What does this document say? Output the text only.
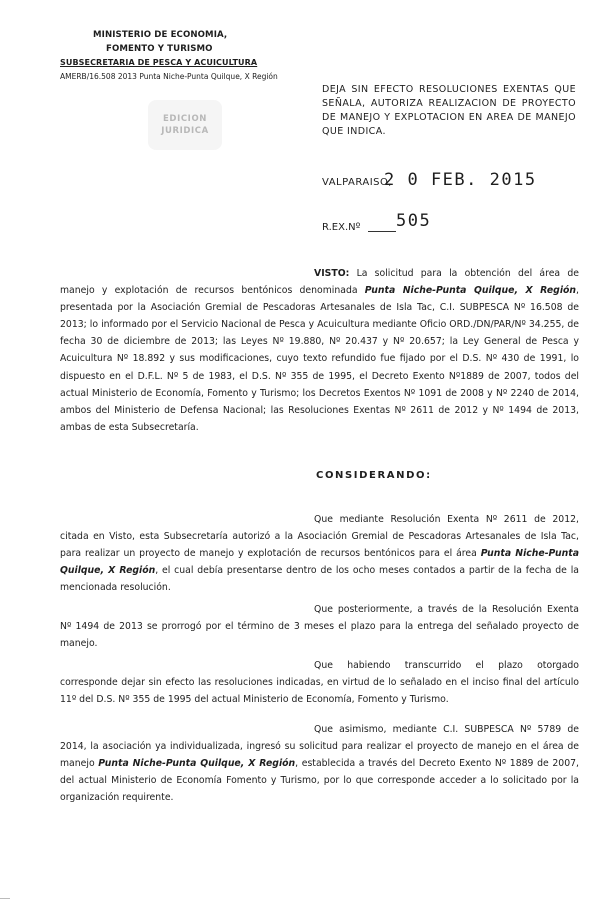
MINISTERIO DE ECONOMIA,
FOMENTO Y TURISMO
SUBSECRETARIA DE PESCA Y ACUICULTURA
AMERB/16.508 2013 Punta Niche-Punta Quilque, X Región
EDICION
JURIDICA
DEJA SIN EFECTO RESOLUCIONES EXENTAS QUE SEÑALA, AUTORIZA REALIZACION DE PROYECTO DE MANEJO Y EXPLOTACION EN AREA DE MANEJO QUE INDICA.
VALPARAISO,
2 0 FEB. 2015
R.EX.Nº 505
VISTO: La solicitud para la obtención del área de manejo y explotación de recursos bentónicos denominada Punta Niche-Punta Quilque, X Región, presentada por la Asociación Gremial de Pescadoras Artesanales de Isla Tac, C.I. SUBPESCA Nº 16.508 de 2013; lo informado por el Servicio Nacional de Pesca y Acuicultura mediante Oficio ORD./DN/PAR/Nº 34.255, de fecha 30 de diciembre de 2013; las Leyes Nº 19.880, Nº 20.437 y Nº 20.657; la Ley General de Pesca y Acuicultura Nº 18.892 y sus modificaciones, cuyo texto refundido fue fijado por el D.S. Nº 430 de 1991, lo dispuesto en el D.F.L. Nº 5 de 1983, el D.S. Nº 355 de 1995, el Decreto Exento Nº1889 de 2007, todos del actual Ministerio de Economía, Fomento y Turismo; los Decretos Exentos Nº 1091 de 2008 y Nº 2240 de 2014, ambos del Ministerio de Defensa Nacional; las Resoluciones Exentas Nº 2611 de 2012 y Nº 1494 de 2013, ambas de esta Subsecretaría.
CONSIDERANDO:
Que mediante Resolución Exenta Nº 2611 de 2012, citada en Visto, esta Subsecretaría autorizó a la Asociación Gremial de Pescadoras Artesanales de Isla Tac, para realizar un proyecto de manejo y explotación de recursos bentónicos para el área Punta Niche-Punta Quilque, X Región, el cual debía presentarse dentro de los ocho meses contados a partir de la fecha de la mencionada resolución.
Que posteriormente, a través de la Resolución Exenta Nº 1494 de 2013 se prorrogó por el término de 3 meses el plazo para la entrega del señalado proyecto de manejo.
Que habiendo transcurrido el plazo otorgado corresponde dejar sin efecto las resoluciones indicadas, en virtud de lo señalado en el inciso final del artículo 11º del D.S. Nº 355 de 1995 del actual Ministerio de Economía, Fomento y Turismo.
Que asimismo, mediante C.I. SUBPESCA Nº 5789 de 2014, la asociación ya individualizada, ingresó su solicitud para realizar el proyecto de manejo en el área de manejo Punta Niche-Punta Quilque, X Región, establecida a través del Decreto Exento Nº 1889 de 2007, del actual Ministerio de Economía Fomento y Turismo, por lo que corresponde acceder a lo solicitado por la organización requirente.
